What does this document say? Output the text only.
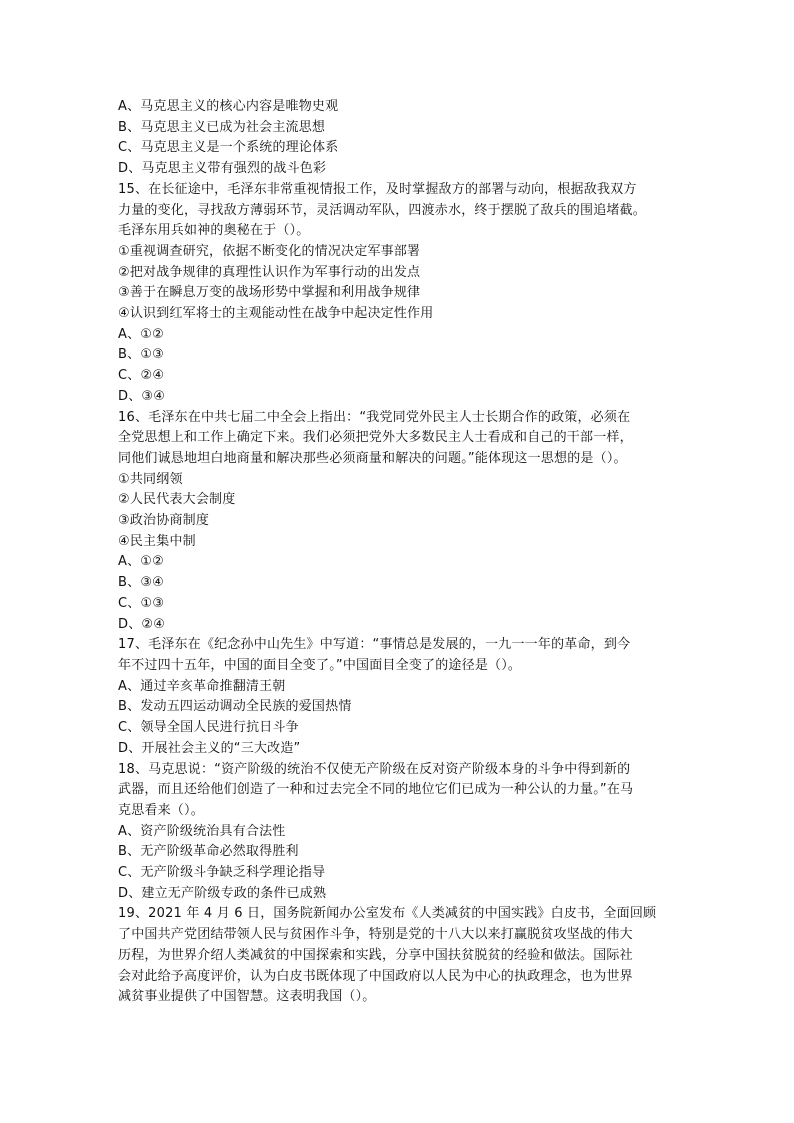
A、马克思主义的核心内容是唯物史观

B、马克思主义已成为社会主流思想

C、马克思主义是一个系统的理论体系

D、马克思主义带有强烈的战斗色彩

15、在长征途中，毛泽东非常重视情报工作，及时掌握敌方的部署与动向，根据敌我双方

力量的变化，寻找敌方薄弱环节，灵活调动军队，四渡赤水，终于摆脱了敌兵的围追堵截。

毛泽东用兵如神的奥秘在于（）。

①重视调查研究，依据不断变化的情况决定军事部署

②把对战争规律的真理性认识作为军事行动的出发点

③善于在瞬息万变的战场形势中掌握和利用战争规律

④认识到红军将士的主观能动性在战争中起决定性作用

A、①②

B、①③

C、②④

D、③④

16、毛泽东在中共七届二中全会上指出：“我党同党外民主人士长期合作的政策，必须在

全党思想上和工作上确定下来。我们必须把党外大多数民主人士看成和自己的干部一样，

同他们诚恳地坦白地商量和解决那些必须商量和解决的问题。”能体现这一思想的是（）。

①共同纲领

②人民代表大会制度

③政治协商制度

④民主集中制

A、①②

B、③④

C、①③

D、②④

17、毛泽东在《纪念孙中山先生》中写道：“事情总是发展的，一九一一年的革命，到今

年不过四十五年，中国的面目全变了。”中国面目全变了的途径是（）。

A、通过辛亥革命推翻清王朝

B、发动五四运动调动全民族的爱国热情

C、领导全国人民进行抗日斗争

D、开展社会主义的“三大改造”

18、马克思说：“资产阶级的统治不仅使无产阶级在反对资产阶级本身的斗争中得到新的

武器，而且还给他们创造了一种和过去完全不同的地位它们已成为一种公认的力量。”在马

克思看来（）。

A、资产阶级统治具有合法性

B、无产阶级革命必然取得胜利

C、无产阶级斗争缺乏科学理论指导

D、建立无产阶级专政的条件已成熟

19、2021 年 4 月 6 日，国务院新闻办公室发布《人类减贫的中国实践》白皮书，全面回顾

了中国共产党团结带领人民与贫困作斗争，特别是党的十八大以来打赢脱贫攻坚战的伟大

历程，为世界介绍人类减贫的中国探索和实践，分享中国扶贫脱贫的经验和做法。国际社

会对此给予高度评价，认为白皮书既体现了中国政府以人民为中心的执政理念，也为世界

减贫事业提供了中国智慧。这表明我国（）。
